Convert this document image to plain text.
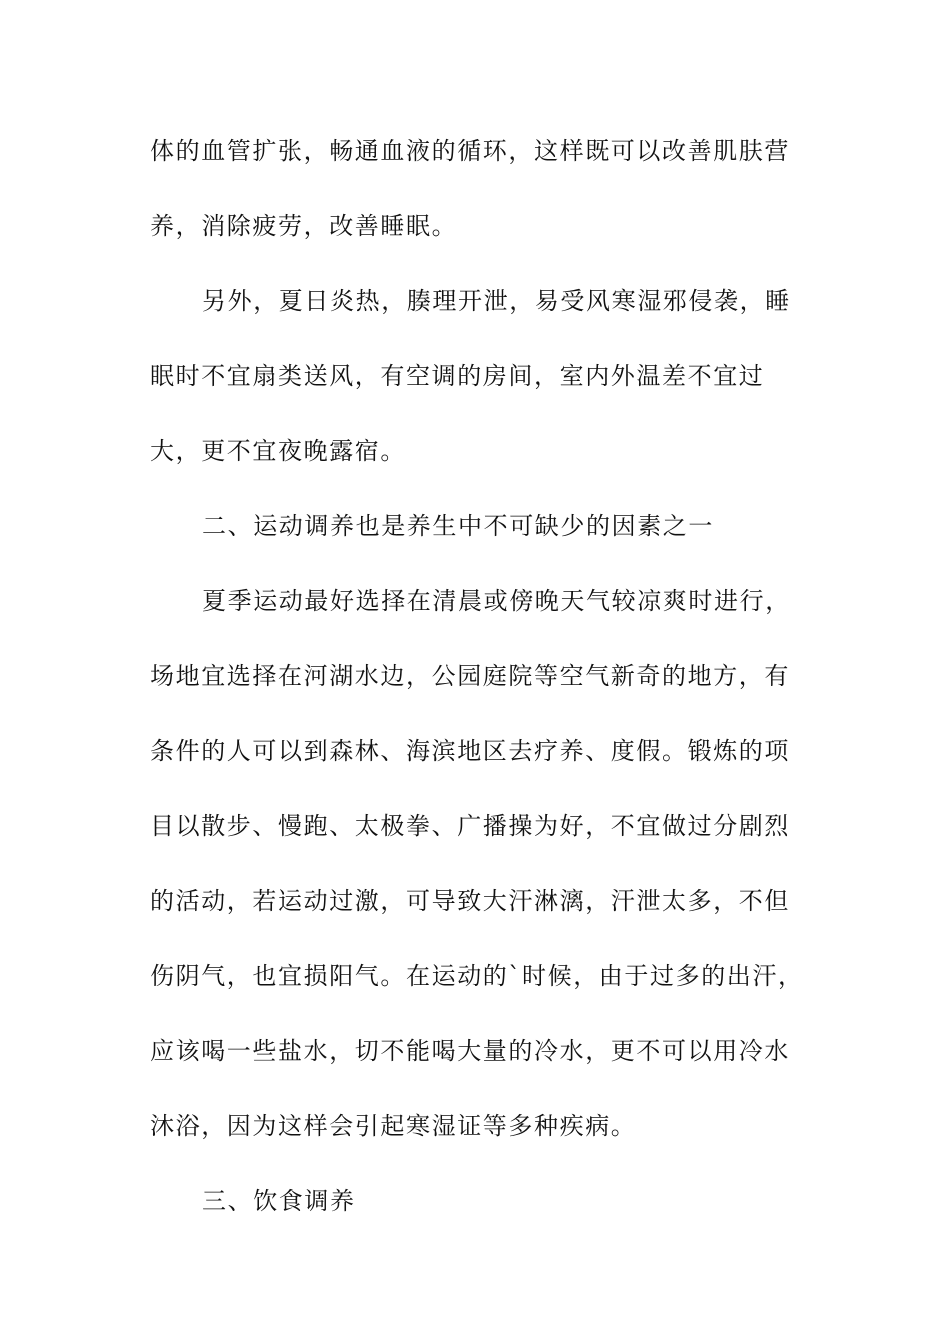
体的血管扩张，畅通血液的循环，这样既可以改善肌肤营
养，消除疲劳，改善睡眠。
另外，夏日炎热，腠理开泄，易受风寒湿邪侵袭，睡
眠时不宜扇类送风，有空调的房间，室内外温差不宜过
大，更不宜夜晚露宿。
二、运动调养也是养生中不可缺少的因素之一
夏季运动最好选择在清晨或傍晚天气较凉爽时进行，
场地宜选择在河湖水边，公园庭院等空气新奇的地方，有
条件的人可以到森林、海滨地区去疗养、度假。锻炼的项
目以散步、慢跑、太极拳、广播操为好，不宜做过分剧烈
的活动，若运动过激，可导致大汗淋漓，汗泄太多，不但
伤阴气，也宜损阳气。在运动的`时候，由于过多的出汗，
应该喝一些盐水，切不能喝大量的冷水，更不可以用冷水
沐浴，因为这样会引起寒湿证等多种疾病。
三、饮食调养
